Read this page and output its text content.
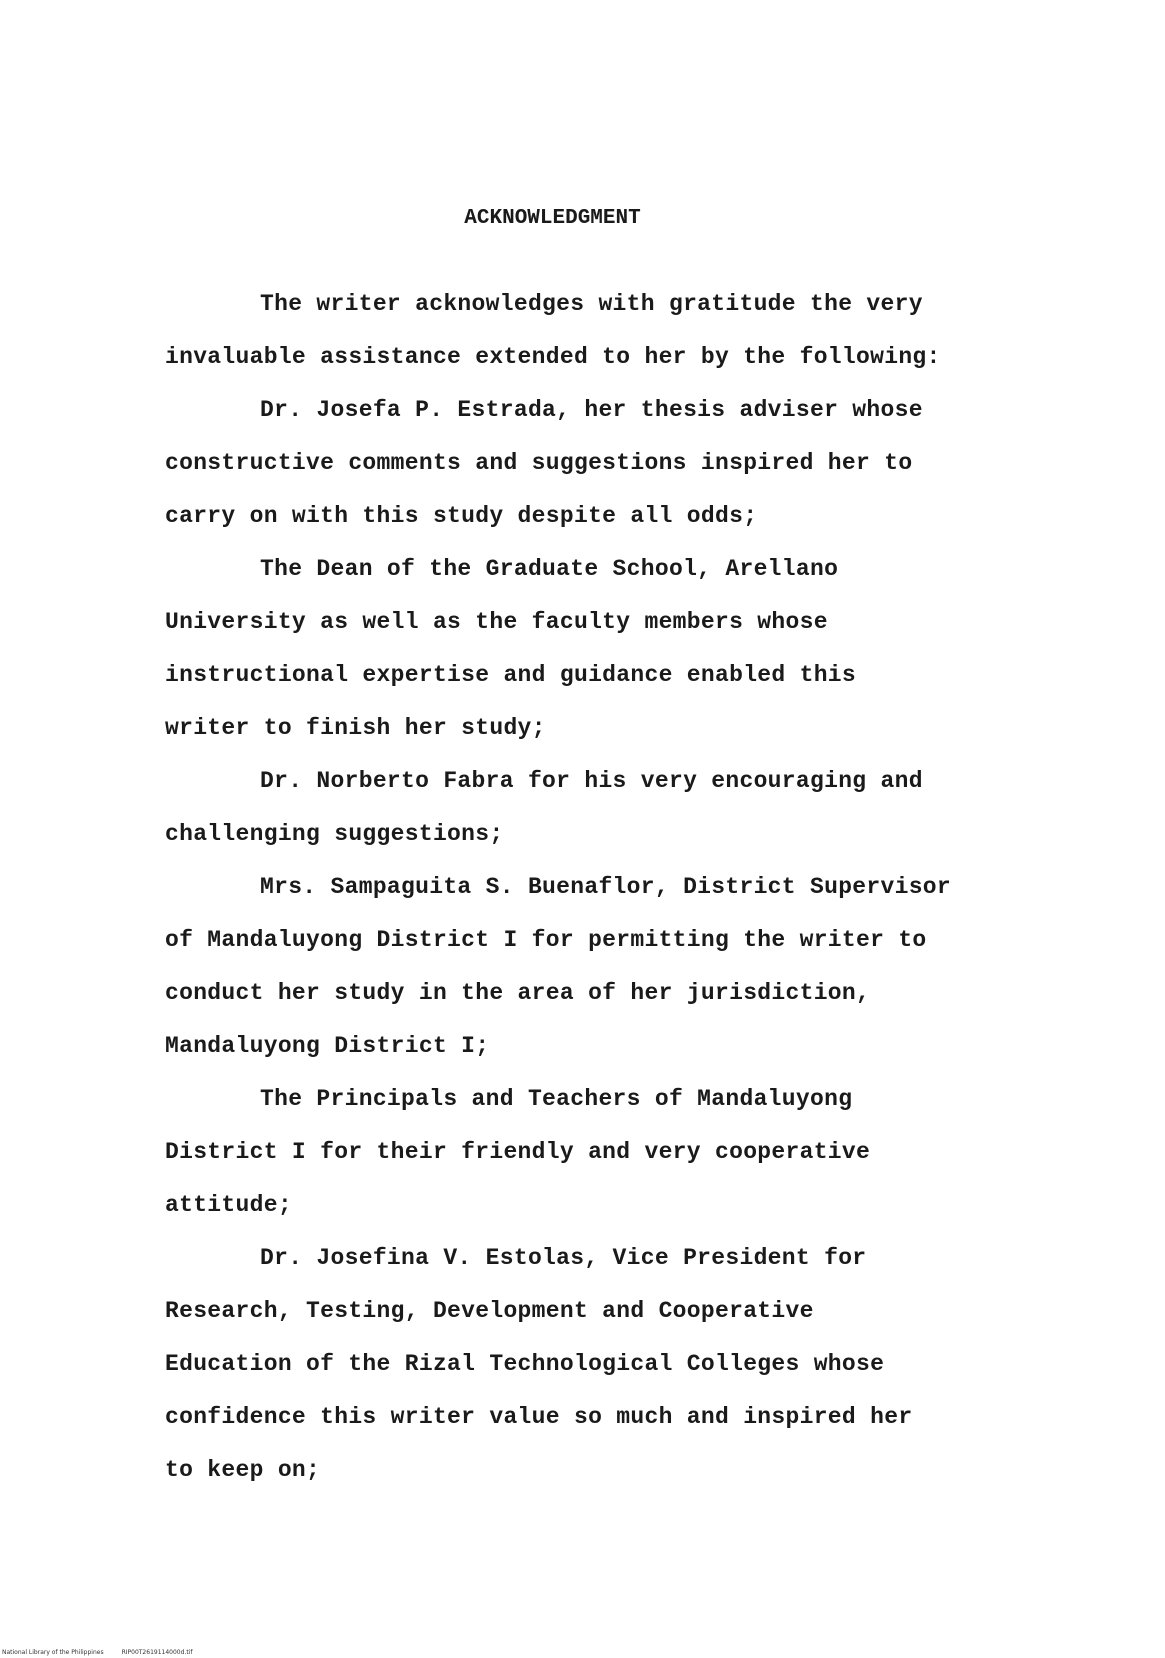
ACKNOWLEDGMENT
The writer acknowledges with gratitude the very
invaluable assistance extended to her by the following:
Dr. Josefa P. Estrada, her thesis adviser whose
constructive comments and suggestions inspired her to
carry on with this study despite all odds;
The Dean of the Graduate School, Arellano
University as well as the faculty members whose
instructional expertise and guidance enabled this
writer to finish her study;
Dr. Norberto Fabra for his very encouraging and
challenging suggestions;
Mrs. Sampaguita S. Buenaflor, District Supervisor
of Mandaluyong District I for permitting the writer to
conduct her study in the area of her jurisdiction,
Mandaluyong District I;
The Principals and Teachers of Mandaluyong
District I for their friendly and very cooperative
attitude;
Dr. Josefina V. Estolas, Vice President for
Research, Testing, Development and Cooperative
Education of the Rizal Technological Colleges whose
confidence this writer value so much and inspired her
to keep on;
National Library of the Philippines	RIP00T2619114000d.tif
